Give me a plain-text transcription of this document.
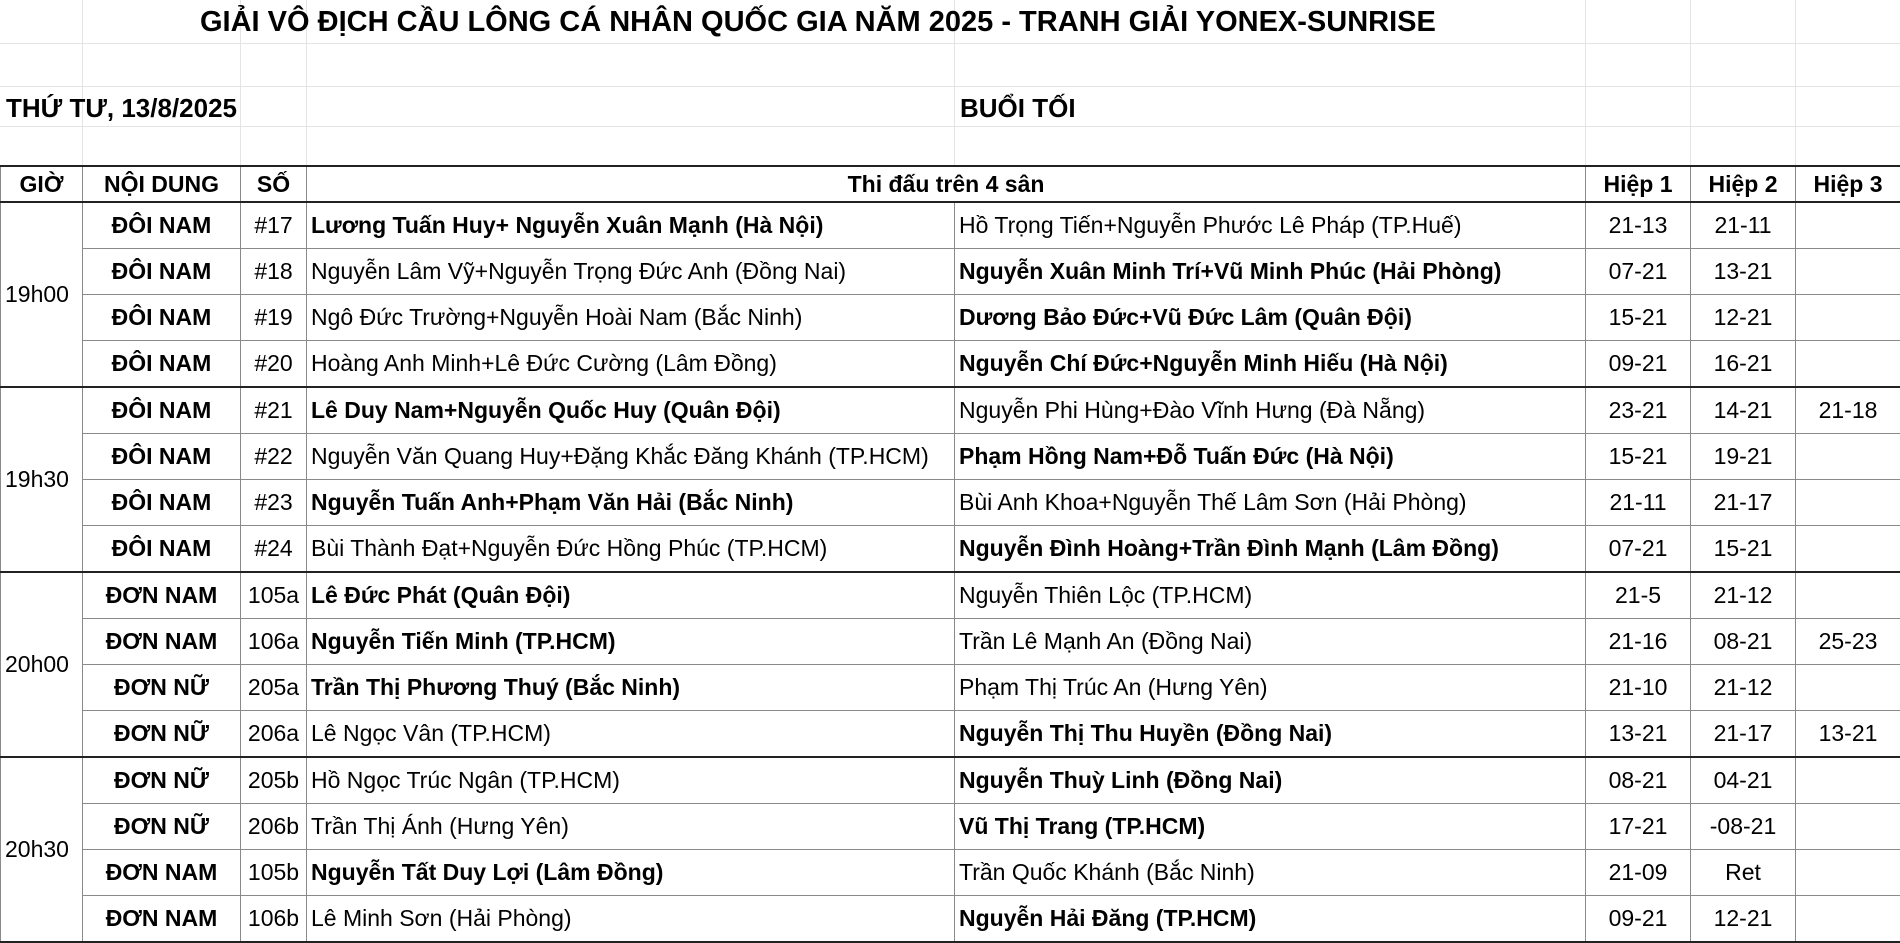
GIẢI VÔ ĐỊCH CẦU LÔNG CÁ NHÂN QUỐC GIA NĂM 2025 - TRANH GIẢI YONEX-SUNRISE
THỨ TƯ, 13/8/2025	BUỔI TỐI
GIỜ	NỘI DUNG	SỐ	Thi đấu trên 4 sân		Hiệp 1	Hiệp 2	Hiệp 3
19h00	ĐÔI NAM	#17	Lương Tuấn Huy+ Nguyễn Xuân Mạnh (Hà Nội)	Hồ Trọng Tiến+Nguyễn Phước Lê Pháp (TP.Huế)	21-13	21-11	
	ĐÔI NAM	#18	Nguyễn Lâm Vỹ+Nguyễn Trọng Đức Anh (Đồng Nai)	Nguyễn Xuân Minh Trí+Vũ Minh Phúc (Hải Phòng)	07-21	13-21	
	ĐÔI NAM	#19	Ngô Đức Trường+Nguyễn Hoài Nam (Bắc Ninh)	Dương Bảo Đức+Vũ Đức Lâm (Quân Đội)	15-21	12-21	
	ĐÔI NAM	#20	Hoàng Anh Minh+Lê Đức Cường (Lâm Đồng)	Nguyễn Chí Đức+Nguyễn Minh Hiếu (Hà Nội)	09-21	16-21	
19h30	ĐÔI NAM	#21	Lê Duy Nam+Nguyễn Quốc Huy (Quân Đội)	Nguyễn Phi Hùng+Đào Vĩnh Hưng (Đà Nẵng)	23-21	14-21	21-18
	ĐÔI NAM	#22	Nguyễn Văn Quang Huy+Đặng Khắc Đăng Khánh (TP.HCM)	Phạm Hồng Nam+Đỗ Tuấn Đức (Hà Nội)	15-21	19-21	
	ĐÔI NAM	#23	Nguyễn Tuấn Anh+Phạm Văn Hải (Bắc Ninh)	Bùi Anh Khoa+Nguyễn Thế Lâm Sơn (Hải Phòng)	21-11	21-17	
	ĐÔI NAM	#24	Bùi Thành Đạt+Nguyễn Đức Hồng Phúc (TP.HCM)	Nguyễn Đình Hoàng+Trần Đình Mạnh (Lâm Đồng)	07-21	15-21	
20h00	ĐƠN NAM	105a	Lê Đức Phát (Quân Đội)	Nguyễn Thiên Lộc (TP.HCM)	21-5	21-12	
	ĐƠN NAM	106a	Nguyễn Tiến Minh (TP.HCM)	Trần Lê Mạnh An (Đồng Nai)	21-16	08-21	25-23
	ĐƠN NỮ	205a	Trần Thị Phương Thuý (Bắc Ninh)	Phạm Thị Trúc An (Hưng Yên)	21-10	21-12	
	ĐƠN NỮ	206a	Lê Ngọc Vân (TP.HCM)	Nguyễn Thị Thu Huyền (Đồng Nai)	13-21	21-17	13-21
20h30	ĐƠN NỮ	205b	Hồ Ngọc Trúc Ngân (TP.HCM)	Nguyễn Thuỳ Linh (Đồng Nai)	08-21	04-21	
	ĐƠN NỮ	206b	Trần Thị Ánh (Hưng Yên)	Vũ Thị Trang (TP.HCM)	17-21	-08-21	
	ĐƠN NAM	105b	Nguyễn Tất Duy Lợi (Lâm Đồng)	Trần Quốc Khánh (Bắc Ninh)	21-09	Ret	
	ĐƠN NAM	106b	Lê Minh Sơn (Hải Phòng)	Nguyễn Hải Đăng (TP.HCM)	09-21	12-21	
